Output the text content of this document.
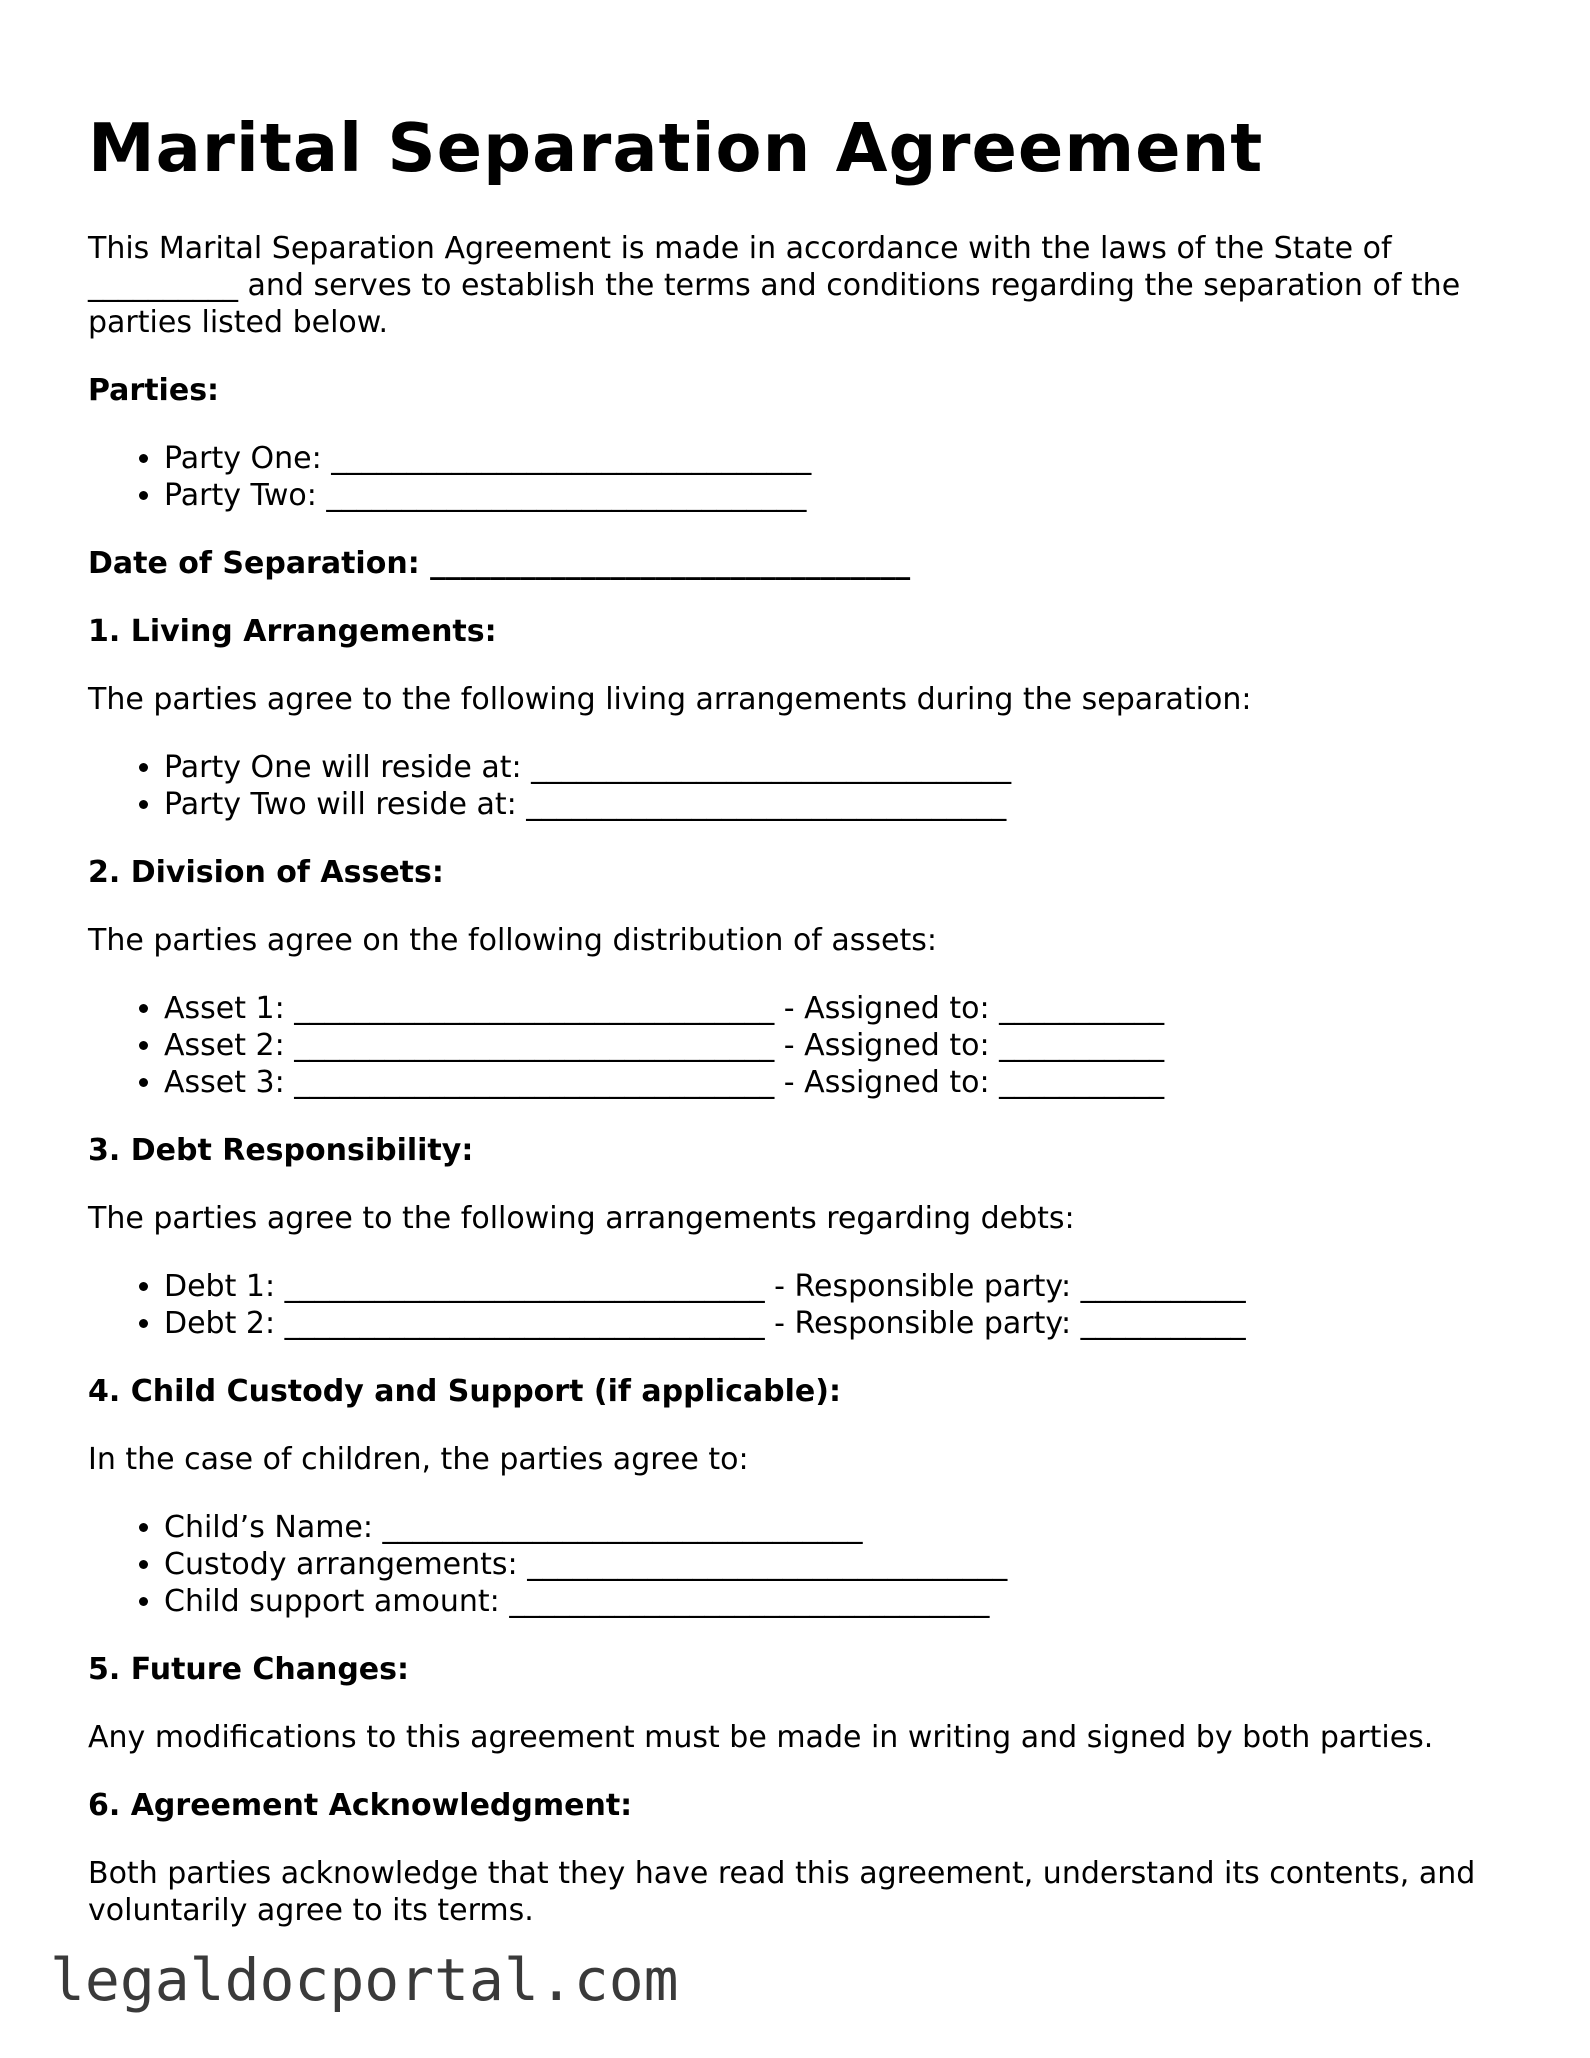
Marital Separation Agreement

This Marital Separation Agreement is made in accordance with the laws of the State of __________ and serves to establish the terms and conditions regarding the separation of the parties listed below.

Parties:

• Party One: ________________________________
• Party Two: ________________________________

Date of Separation: ________________________________

1. Living Arrangements:

The parties agree to the following living arrangements during the separation:

• Party One will reside at: ________________________________
• Party Two will reside at: ________________________________

2. Division of Assets:

The parties agree on the following distribution of assets:

• Asset 1: ________________________________ - Assigned to: ___________
• Asset 2: ________________________________ - Assigned to: ___________
• Asset 3: ________________________________ - Assigned to: ___________

3. Debt Responsibility:

The parties agree to the following arrangements regarding debts:

• Debt 1: ________________________________ - Responsible party: ___________
• Debt 2: ________________________________ - Responsible party: ___________

4. Child Custody and Support (if applicable):

In the case of children, the parties agree to:

• Child’s Name: ________________________________
• Custody arrangements: ________________________________
• Child support amount: ________________________________

5. Future Changes:

Any modifications to this agreement must be made in writing and signed by both parties.

6. Agreement Acknowledgment:

Both parties acknowledge that they have read this agreement, understand its contents, and voluntarily agree to its terms.

legaldocportal.com
